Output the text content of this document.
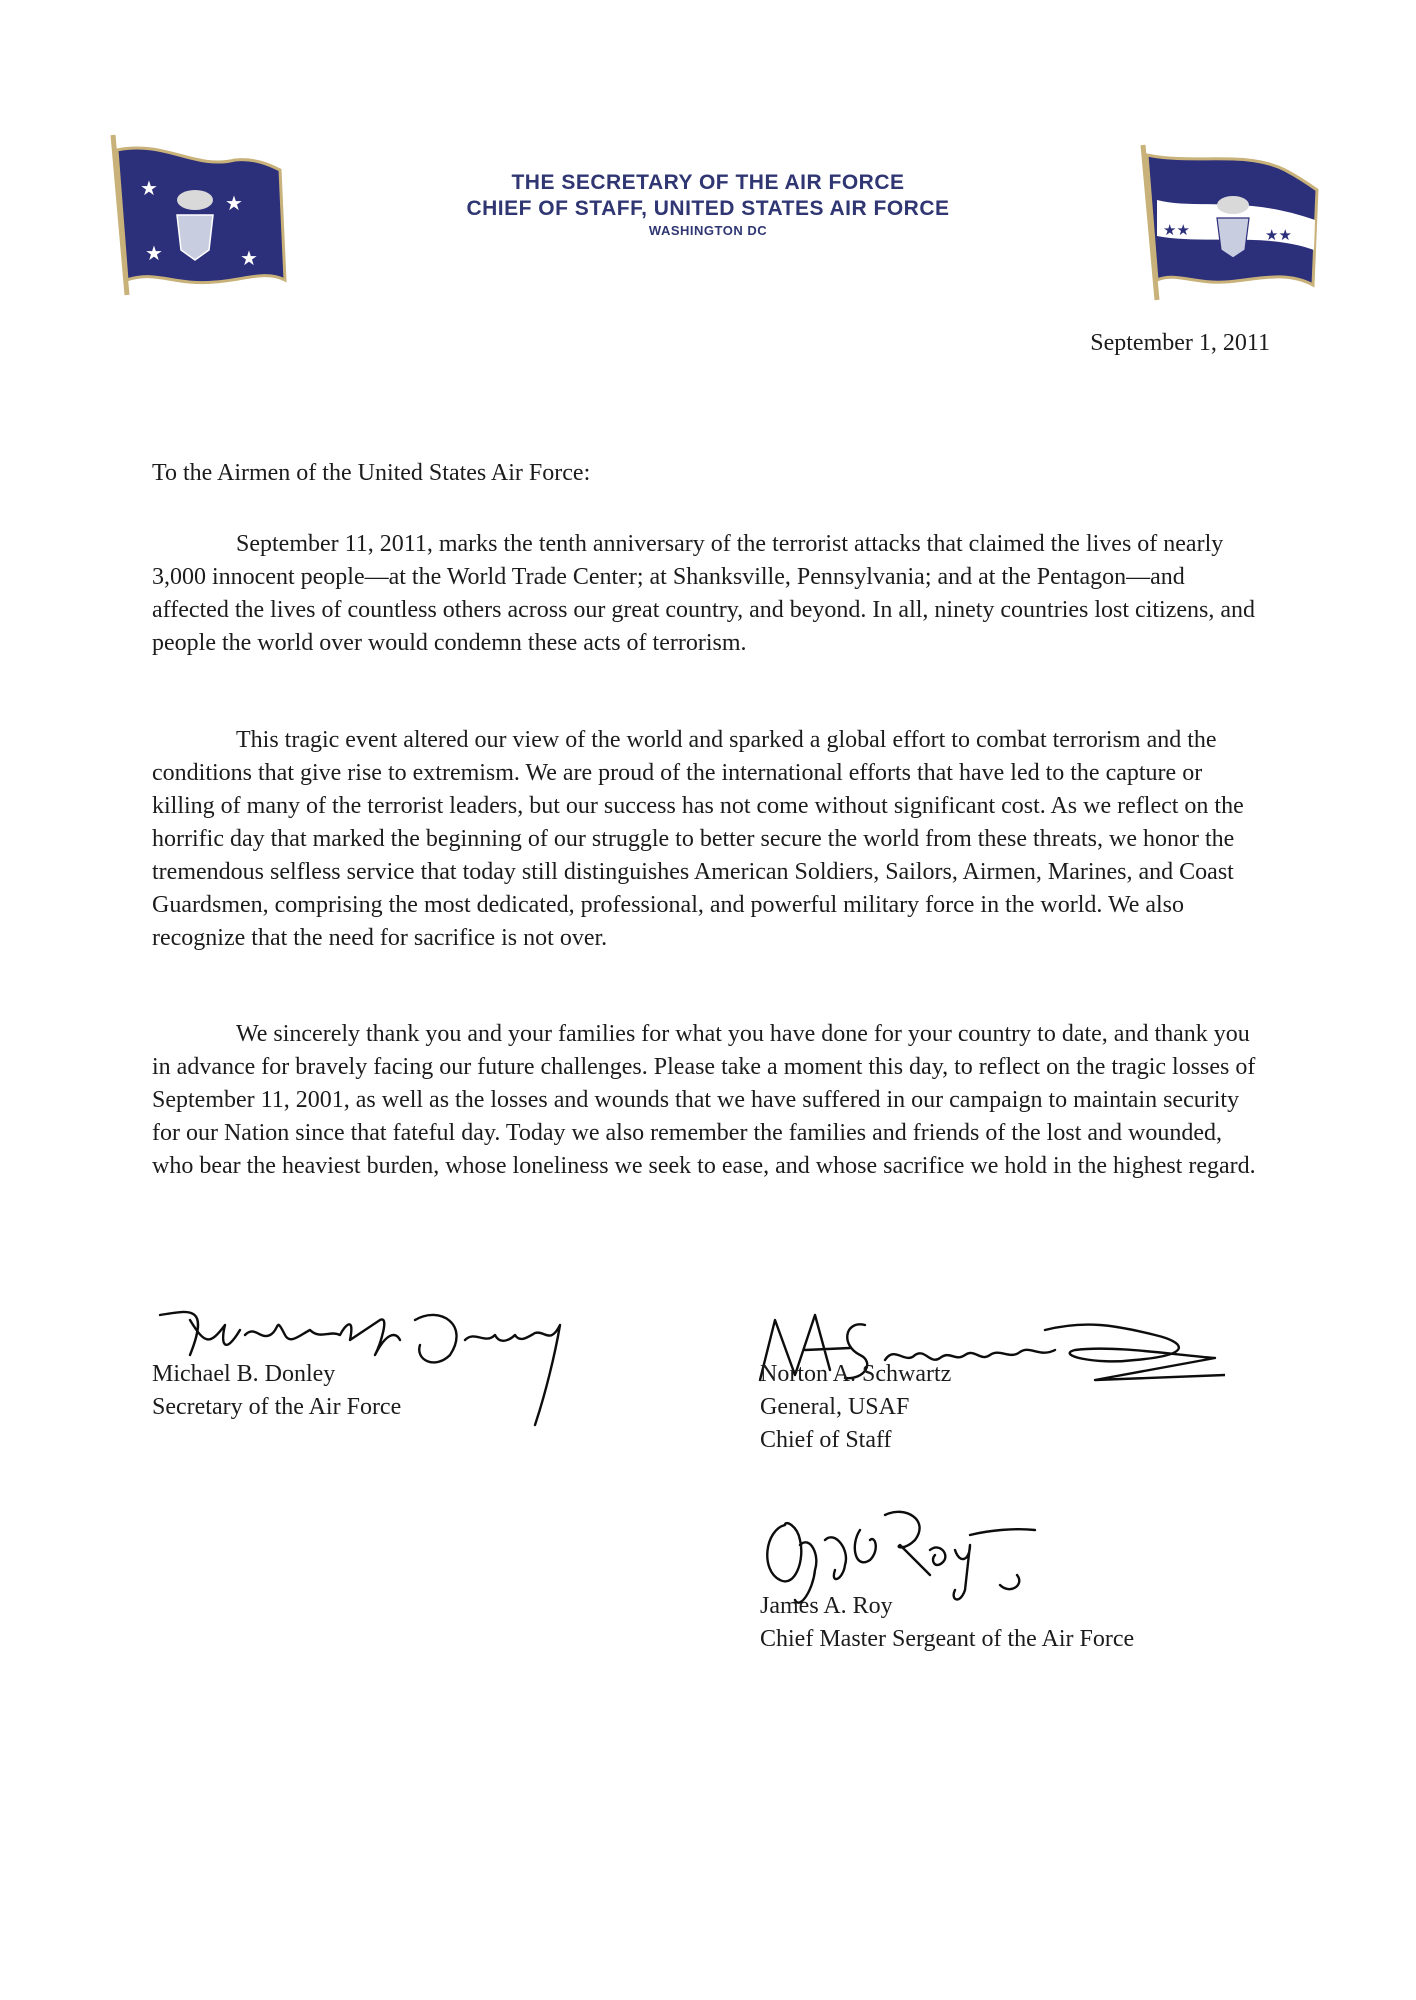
★
★
★	★
THE SECRETARY OF THE AIR FORCE
CHIEF OF STAFF, UNITED STATES AIR FORCE
WASHINGTON DC	★★	★★
September 1, 2011
To the Airmen of the United States Air Force:

September 11, 2011, marks the tenth anniversary of the terrorist attacks that claimed the lives of nearly 3,000 innocent people—at the World Trade Center; at Shanksville, Pennsylvania; and at the Pentagon—and affected the lives of countless others across our great country, and beyond. In all, ninety countries lost citizens, and people the world over would condemn these acts of terrorism.

This tragic event altered our view of the world and sparked a global effort to combat terrorism and the conditions that give rise to extremism. We are proud of the international efforts that have led to the capture or killing of many of the terrorist leaders, but our success has not come without significant cost. As we reflect on the horrific day that marked the beginning of our struggle to better secure the world from these threats, we honor the tremendous selfless service that today still distinguishes American Soldiers, Sailors, Airmen, Marines, and Coast Guardsmen, comprising the most dedicated, professional, and powerful military force in the world. We also recognize that the need for sacrifice is not over.

We sincerely thank you and your families for what you have done for your country to date, and thank you in advance for bravely facing our future challenges. Please take a moment this day, to reflect on the tragic losses of September 11, 2001, as well as the losses and wounds that we have suffered in our campaign to maintain security for our Nation since that fateful day. Today we also remember the families and friends of the lost and wounded, who bear the heaviest burden, whose loneliness we seek to ease, and whose sacrifice we hold in the highest regard.

Michael B. Donley
Secretary of the Air Force
Norton A. Schwartz
General, USAF
Chief of Staff
James A. Roy
Chief Master Sergeant of the Air Force
